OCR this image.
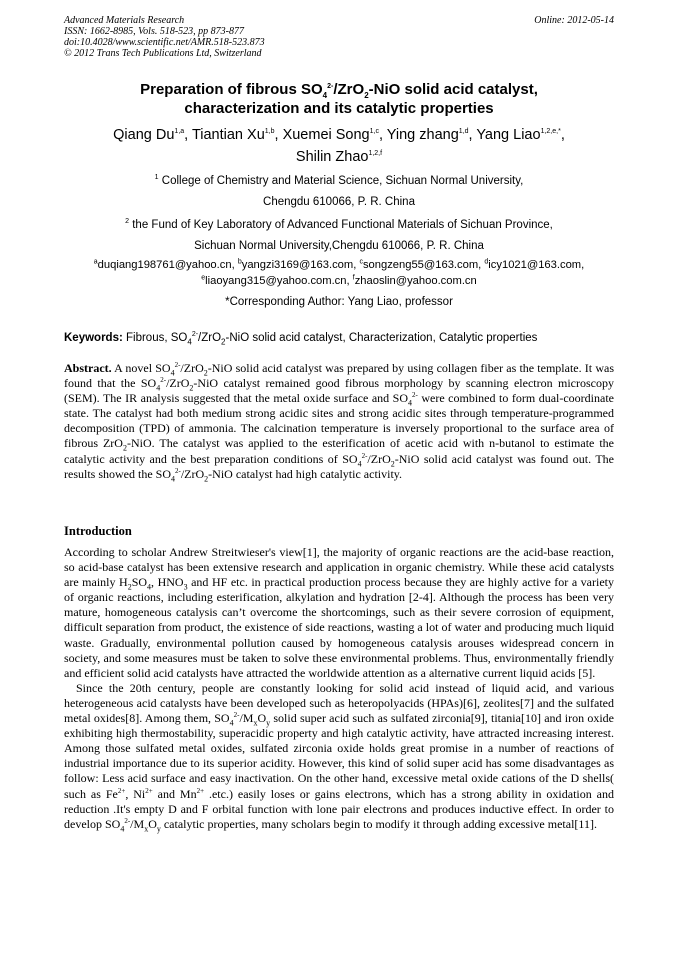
Advanced Materials Research
ISSN: 1662-8985, Vols. 518-523, pp 873-877
doi:10.4028/www.scientific.net/AMR.518-523.873
© 2012 Trans Tech Publications Ltd, Switzerland
Online: 2012-05-14
Preparation of fibrous $SO_4^{2-}/ZrO_2$-NiO solid acid catalyst,
characterization and its catalytic properties
Qiang Du$^{1,a}$, Tiantian Xu$^{1,b}$, Xuemei Song$^{1,c}$, Ying zhang$^{1,d}$, Yang Liao$^{1,2,e,*}$,
Shilin Zhao$^{1,2,f}$
$^1$ College of Chemistry and Material Science, Sichuan Normal University,
Chengdu 610066, P. R. China
$^2$ the Fund of Key Laboratory of Advanced Functional Materials of Sichuan Province,
Sichuan Normal University,Chengdu 610066, P. R. China
$^a$duqiang198761@yahoo.cn, $^b$yangzi3169@163.com, $^c$songzeng55@163.com, $^d$icy1021@163.com,
$^e$liaoyang315@yahoo.com.cn, $^f$zhaoslin@yahoo.com.cn
*Corresponding Author: Yang Liao, professor
Keywords: Fibrous, $SO_4^{2-}/ZrO_2$-NiO solid acid catalyst, Characterization, Catalytic properties
Abstract. A novel $SO_4^{2-}/ZrO_2$-NiO solid acid catalyst was prepared by using collagen fiber as the template. It was found that the $SO_4^{2-}/ZrO_2$-NiO catalyst remained good fibrous morphology by scanning electron microscopy (SEM). The IR analysis suggested that the metal oxide surface and $SO_4^{2-}$ were combined to form dual-coordinate state. The catalyst had both medium strong acidic sites and strong acidic sites through temperature-programmed decomposition (TPD) of ammonia. The calcination temperature is inversely proportional to the surface area of fibrous ZrO$_2$-NiO. The catalyst was applied to the esterification of acetic acid with n-butanol to estimate the catalytic activity and the best preparation conditions of $SO_4^{2-}/ZrO_2$-NiO solid acid catalyst was found out. The results showed the $SO_4^{2-}/ZrO_2$-NiO catalyst had high catalytic activity.
Introduction

According to scholar Andrew Streitwieser's view[1], the majority of organic reactions are the acid-base reaction, so acid-base catalyst has been extensive research and application in organic chemistry. While these acid catalysts are mainly $H_2SO_4$, $HNO_3$ and HF etc. in practical production process because they are highly active for a variety of organic reactions, including esterification, alkylation and hydration [2-4]. Although the process has been very mature, homogeneous catalysis can’t overcome the shortcomings, such as their severe corrosion of equipment, difficult separation from product, the existence of side reactions, wasting a lot of water and producing much liquid waste. Gradually, environmental pollution caused by homogeneous catalysis arouses widespread concern in society, and some measures must be taken to solve these environmental problems. Thus, environmentally friendly and efficient solid acid catalysts have attracted the worldwide attention as a alternative current liquid acids [5].

Since the 20th century, people are constantly looking for solid acid instead of liquid acid, and various heterogeneous acid catalysts have been developed such as heteropolyacids (HPAs)[6], zeolites[7] and the sulfated metal oxides[8]. Among them, $SO_4^{2-}/M_xO_y$ solid super acid such as sulfated zirconia[9], titania[10] and iron oxide exhibiting high thermostability, superacidic property and high catalytic activity, have attracted increasing interest. Among those sulfated metal oxides, sulfated zirconia oxide holds great promise in a number of reactions of industrial importance due to its superior acidity. However, this kind of solid super acid has some disadvantages as follow: Less acid surface and easy inactivation. On the other hand, excessive metal oxide cations of the D shells( such as $Fe^{2+}$, $Ni^{2+}$ and $Mn^{2+}$ .etc.) easily loses or gains electrons, which has a strong ability in oxidation and reduction .It's empty D and F orbital function with lone pair electrons and produces inductive effect. In order to develop $SO_4^{2-}/M_xO_y$ catalytic properties, many scholars begin to modify it through adding excessive metal[11].
